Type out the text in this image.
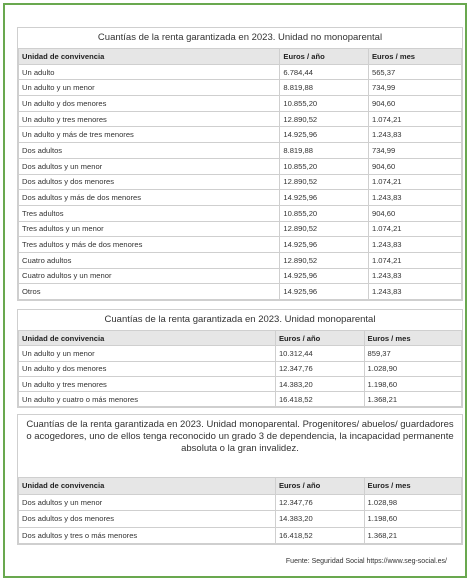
Cuantías de la renta garantizada en 2023. Unidad no monoparental
Unidad de convivencia	Euros / año	Euros / mes
Un adulto	6.784,44	565,37
Un adulto y un menor	8.819,88	734,99
Un adulto y dos menores	10.855,20	904,60
Un adulto y tres menores	12.890,52	1.074,21
Un adulto y más de tres menores	14.925,96	1.243,83
Dos adultos	8.819,88	734,99
Dos adultos y un menor	10.855,20	904,60
Dos adultos y dos menores	12.890,52	1.074,21
Dos adultos y más de dos menores	14.925,96	1.243,83
Tres adultos	10.855,20	904,60
Tres adultos y un menor	12.890,52	1.074,21
Tres adultos y más de dos menores	14.925,96	1.243,83
Cuatro adultos	12.890,52	1.074,21
Cuatro adultos y un menor	14.925,96	1.243,83
Otros	14.925,96	1.243,83
Cuantías de la renta garantizada en 2023. Unidad monoparental
Unidad de convivencia	Euros / año	Euros / mes
Un adulto y un menor	10.312,44	859,37
Un adulto y dos menores	12.347,76	1.028,90
Un adulto y tres menores	14.383,20	1.198,60
Un adulto y cuatro o más menores	16.418,52	1.368,21
Cuantías de la renta garantizada en 2023. Unidad monoparental. Progenitores/ abuelos/ guardadores o acogedores, uno de ellos tenga reconocido un grado 3 de dependencia, la incapacidad permanente absoluta o la gran invalidez.

Unidad de convivencia	Euros / año	Euros / mes
Dos adultos y un menor	12.347,76	1.028,98
Dos adultos y dos menores	14.383,20	1.198,60
Dos adultos y tres o más menores	16.418,52	1.368,21
Fuente: Seguridad Social https://www.seg-social.es/
